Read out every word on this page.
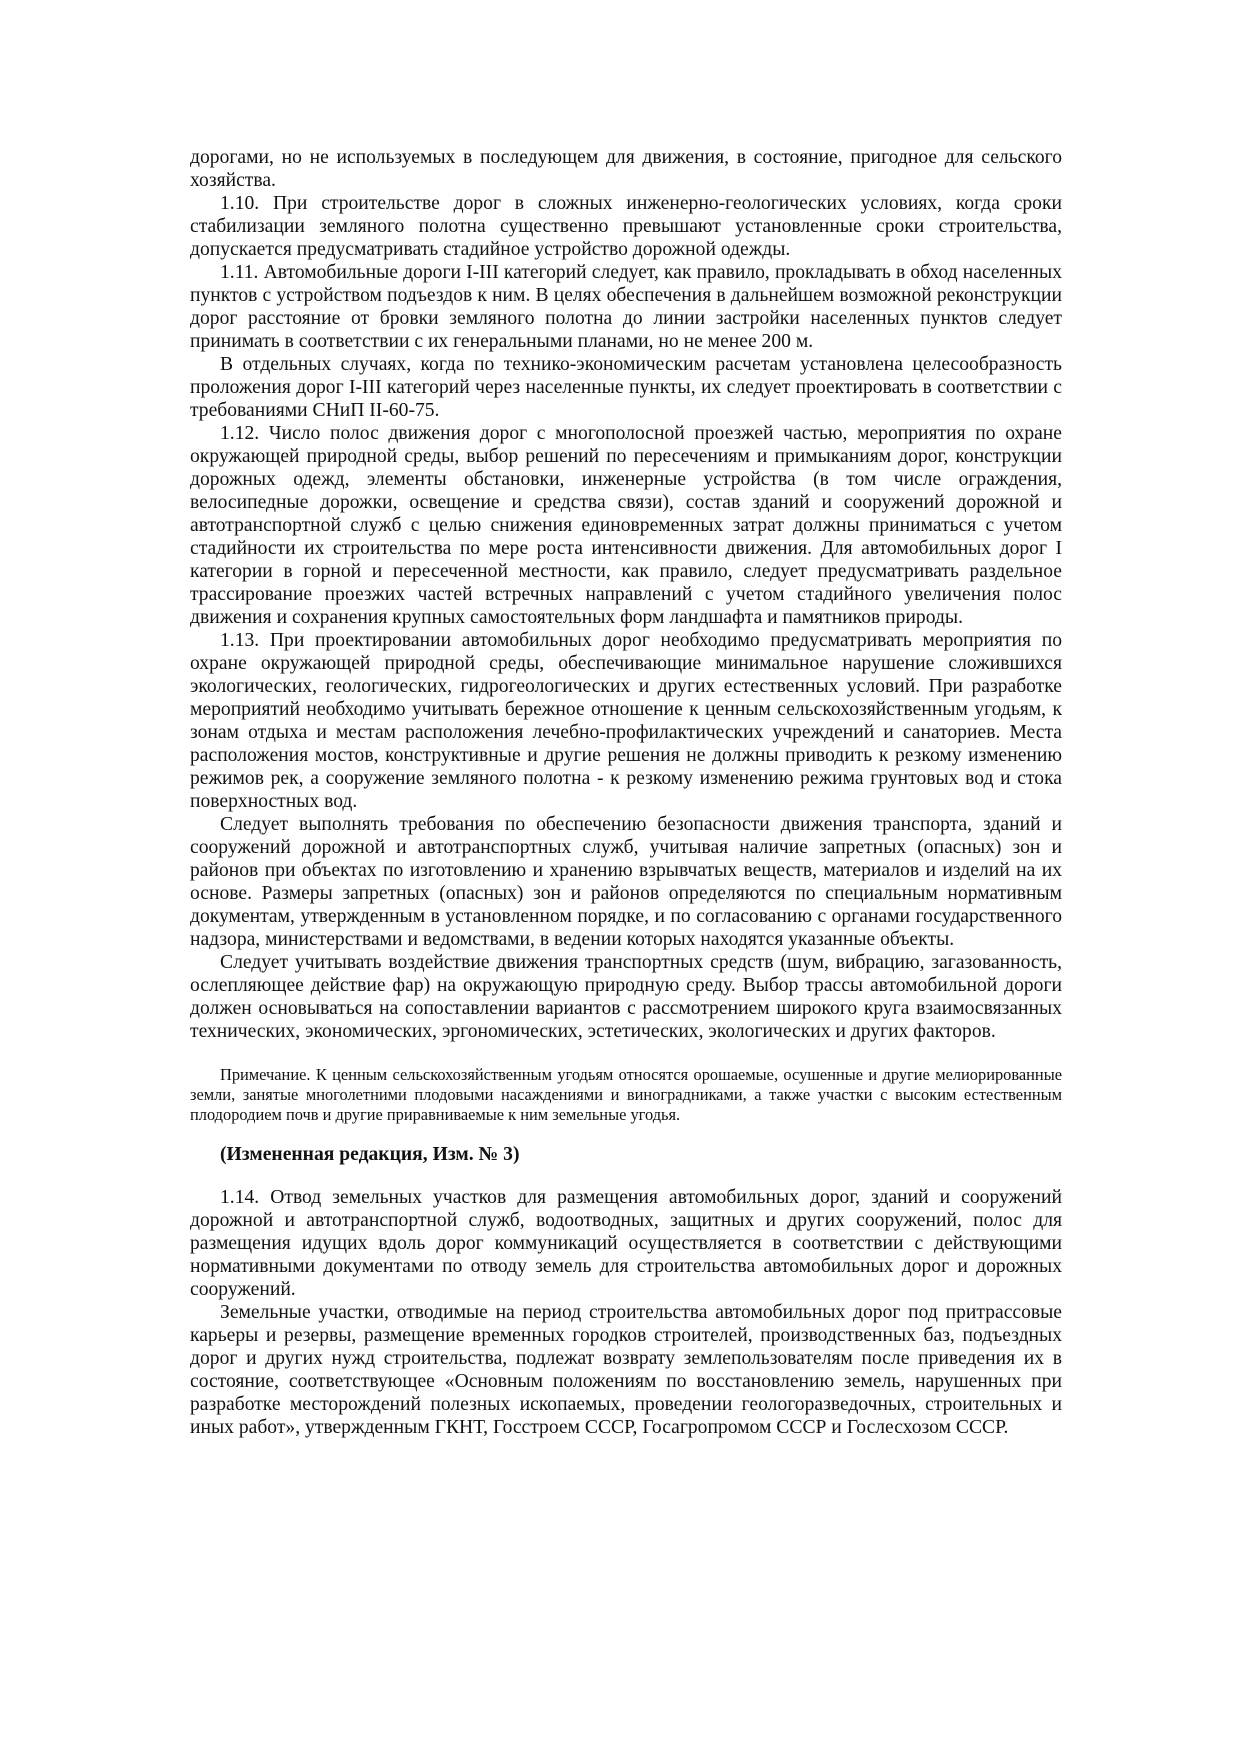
дорогами, но не используемых в последующем для движения, в состояние, пригодное для сельского хозяйства.

1.10. При строительстве дорог в сложных инженерно-геологических условиях, когда сроки стабилизации земляного полотна существенно превышают установленные сроки строительства, допускается предусматривать стадийное устройство дорожной одежды.

1.11. Автомобильные дороги I-III категорий следует, как правило, прокладывать в обход населенных пунктов с устройством подъездов к ним. В целях обеспечения в дальнейшем возможной реконструкции дорог расстояние от бровки земляного полотна до линии застройки населенных пунктов следует принимать в соответствии с их генеральными планами, но не менее 200 м.

В отдельных случаях, когда по технико-экономическим расчетам установлена целесообразность проложения дорог I-III категорий через населенные пункты, их следует проектировать в соответствии с требованиями СНиП II-60-75.

1.12. Число полос движения дорог с многополосной проезжей частью, мероприятия по охране окружающей природной среды, выбор решений по пересечениям и примыканиям дорог, конструкции дорожных одежд, элементы обстановки, инженерные устройства (в том числе ограждения, велосипедные дорожки, освещение и средства связи), состав зданий и сооружений дорожной и автотранспортной служб с целью снижения единовременных затрат должны приниматься с учетом стадийности их строительства по мере роста интенсивности движения. Для автомобильных дорог I категории в горной и пересеченной местности, как правило, следует предусматривать раздельное трассирование проезжих частей встречных направлений с учетом стадийного увеличения полос движения и сохранения крупных самостоятельных форм ландшафта и памятников природы.

1.13. При проектировании автомобильных дорог необходимо предусматривать мероприятия по охране окружающей природной среды, обеспечивающие минимальное нарушение сложившихся экологических, геологических, гидрогеологических и других естественных условий. При разработке мероприятий необходимо учитывать бережное отношение к ценным сельскохозяйственным угодьям, к зонам отдыха и местам расположения лечебно-профилактических учреждений и санаториев. Места расположения мостов, конструктивные и другие решения не должны приводить к резкому изменению режимов рек, а сооружение земляного полотна - к резкому изменению режима грунтовых вод и стока поверхностных вод.

Следует выполнять требования по обеспечению безопасности движения транспорта, зданий и сооружений дорожной и автотранспортных служб, учитывая наличие запретных (опасных) зон и районов при объектах по изготовлению и хранению взрывчатых веществ, материалов и изделий на их основе. Размеры запретных (опасных) зон и районов определяются по специальным нормативным документам, утвержденным в установленном порядке, и по согласованию с органами государственного надзора, министерствами и ведомствами, в ведении которых находятся указанные объекты.

Следует учитывать воздействие движения транспортных средств (шум, вибрацию, загазованность, ослепляющее действие фар) на окружающую природную среду. Выбор трассы автомобильной дороги должен основываться на сопоставлении вариантов с рассмотрением широкого круга взаимосвязанных технических, экономических, эргономических, эстетических, экологических и других факторов.

Примечание. К ценным сельскохозяйственным угодьям относятся орошаемые, осушенные и другие мелиорированные земли, занятые многолетними плодовыми насаждениями и виноградниками, а также участки с высоким естественным плодородием почв и другие приравниваемые к ним земельные угодья.

(Измененная редакция, Изм. № 3)

1.14. Отвод земельных участков для размещения автомобильных дорог, зданий и сооружений дорожной и автотранспортной служб, водоотводных, защитных и других сооружений, полос для размещения идущих вдоль дорог коммуникаций осуществляется в соответствии с действующими нормативными документами по отводу земель для строительства автомобильных дорог и дорожных сооружений.

Земельные участки, отводимые на период строительства автомобильных дорог под притрассовые карьеры и резервы, размещение временных городков строителей, производственных баз, подъездных дорог и других нужд строительства, подлежат возврату землепользователям после приведения их в состояние, соответствующее «Основным положениям по восстановлению земель, нарушенных при разработке месторождений полезных ископаемых, проведении геологоразведочных, строительных и иных работ», утвержденным ГКНТ, Госстроем СССР, Госагропромом СССР и Гослесхозом СССР.
